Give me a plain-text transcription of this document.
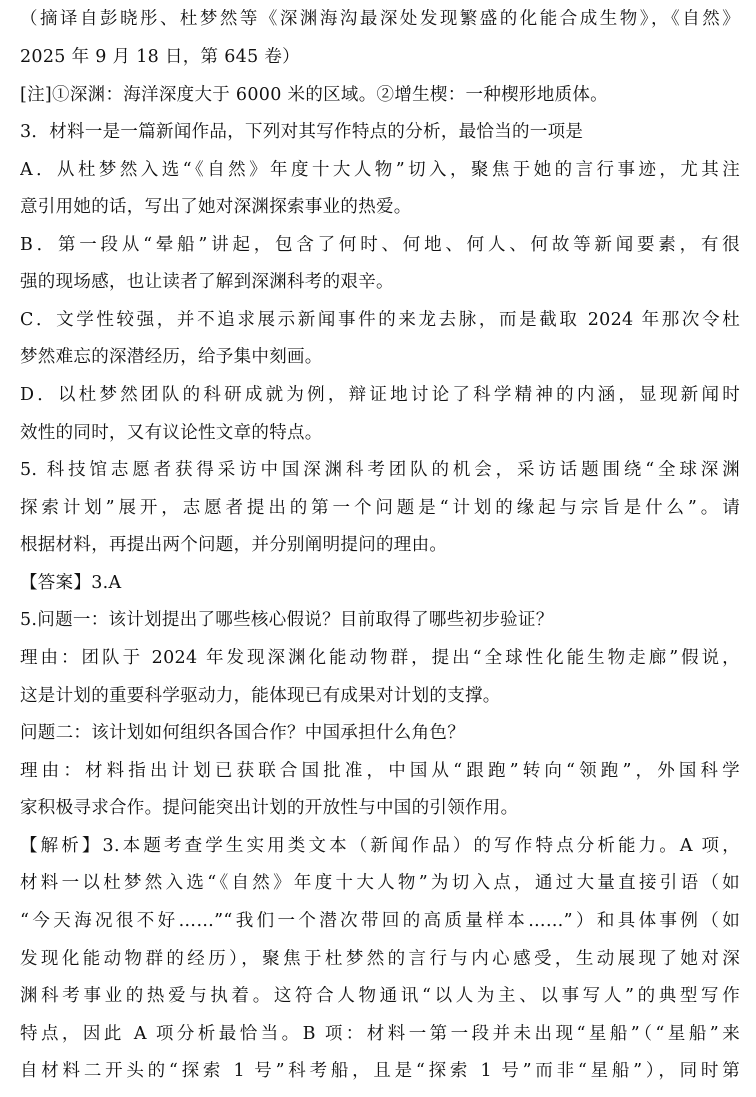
（摘译自彭晓彤、杜梦然等《深渊海沟最深处发现繁盛的化能合成生物》，《自然》
2025 年 9 月 18 日，第 645 卷）
[注]①深渊：海洋深度大于 6000 米的区域。②增生楔：一种楔形地质体。
3．材料一是一篇新闻作品，下列对其写作特点的分析，最恰当的一项是
A．从杜梦然入选“《自然》年度十大人物”切入，聚焦于她的言行事迹，尤其注
意引用她的话，写出了她对深渊探索事业的热爱。
B．第一段从“晕船”讲起，包含了何时、何地、何人、何故等新闻要素，有很
强的现场感，也让读者了解到深渊科考的艰辛。
C．文学性较强，并不追求展示新闻事件的来龙去脉，而是截取 2024 年那次令杜
梦然难忘的深潜经历，给予集中刻画。
D．以杜梦然团队的科研成就为例，辩证地讨论了科学精神的内涵，显现新闻时
效性的同时，又有议论性文章的特点。
5. 科技馆志愿者获得采访中国深渊科考团队的机会，采访话题围绕“全球深渊
探索计划”展开，志愿者提出的第一个问题是“计划的缘起与宗旨是什么”。请
根据材料，再提出两个问题，并分别阐明提问的理由。
【答案】3.A
5.问题一：该计划提出了哪些核心假说？目前取得了哪些初步验证？
理由：团队于 2024 年发现深渊化能动物群，提出“全球性化能生物走廊”假说，
这是计划的重要科学驱动力，能体现已有成果对计划的支撑。
问题二：该计划如何组织各国合作？中国承担什么角色？
理由：材料指出计划已获联合国批准，中国从“跟跑”转向“领跑”，外国科学
家积极寻求合作。提问能突出计划的开放性与中国的引领作用。
【解析】3.本题考查学生实用类文本（新闻作品）的写作特点分析能力。A 项，
材料一以杜梦然入选“《自然》年度十大人物”为切入点，通过大量直接引语（如
“今天海况很不好……”“我们一个潜次带回的高质量样本……”）和具体事例（如
发现化能动物群的经历），聚焦于杜梦然的言行与内心感受，生动展现了她对深
渊科考事业的热爱与执着。这符合人物通讯“以人为主、以事写人”的典型写作
特点，因此 A 项分析最恰当。B 项：材料一第一段并未出现“星船”（“星船”来
自材料二开头的“探索 1 号”科考船，且是“探索 1 号”而非“星船”），同时第
